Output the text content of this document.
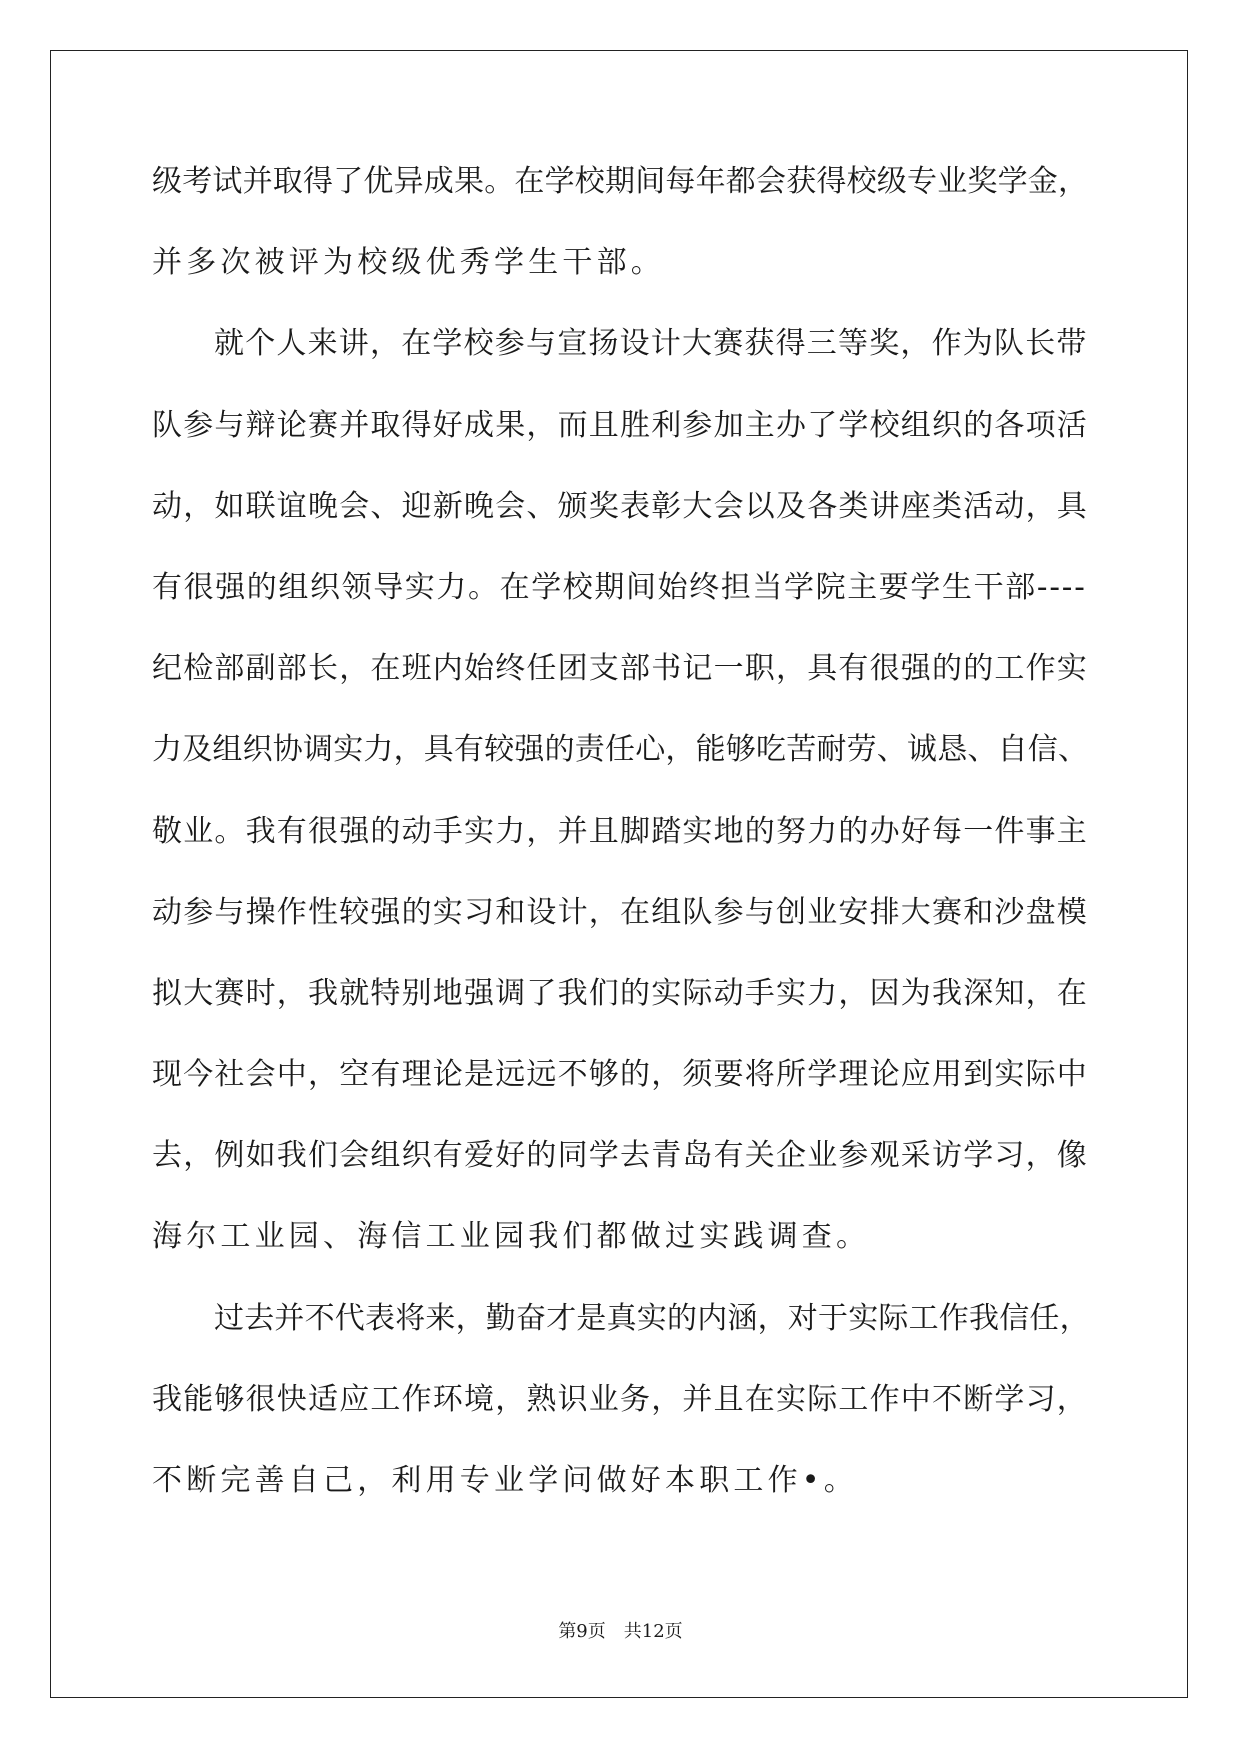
级考试并取得了优异成果。在学校期间每年都会获得校级专业奖学金，
并多次被评为校级优秀学生干部。
就个人来讲，在学校参与宣扬设计大赛获得三等奖，作为队长带
队参与辩论赛并取得好成果，而且胜利参加主办了学校组织的各项活
动，如联谊晚会、迎新晚会、颁奖表彰大会以及各类讲座类活动，具
有很强的组织领导实力。在学校期间始终担当学院主要学生干部----
纪检部副部长，在班内始终任团支部书记一职，具有很强的的工作实
力及组织协调实力，具有较强的责任心，能够吃苦耐劳、诚恳、自信、
敬业。我有很强的动手实力，并且脚踏实地的努力的办好每一件事主
动参与操作性较强的实习和设计，在组队参与创业安排大赛和沙盘模
拟大赛时，我就特别地强调了我们的实际动手实力，因为我深知，在
现今社会中，空有理论是远远不够的，须要将所学理论应用到实际中
去，例如我们会组织有爱好的同学去青岛有关企业参观采访学习，像
海尔工业园、海信工业园我们都做过实践调查。
过去并不代表将来，勤奋才是真实的内涵，对于实际工作我信任，
我能够很快适应工作环境，熟识业务，并且在实际工作中不断学习，
不断完善自己，利用专业学问做好本职工作•。
第9页　共12页
